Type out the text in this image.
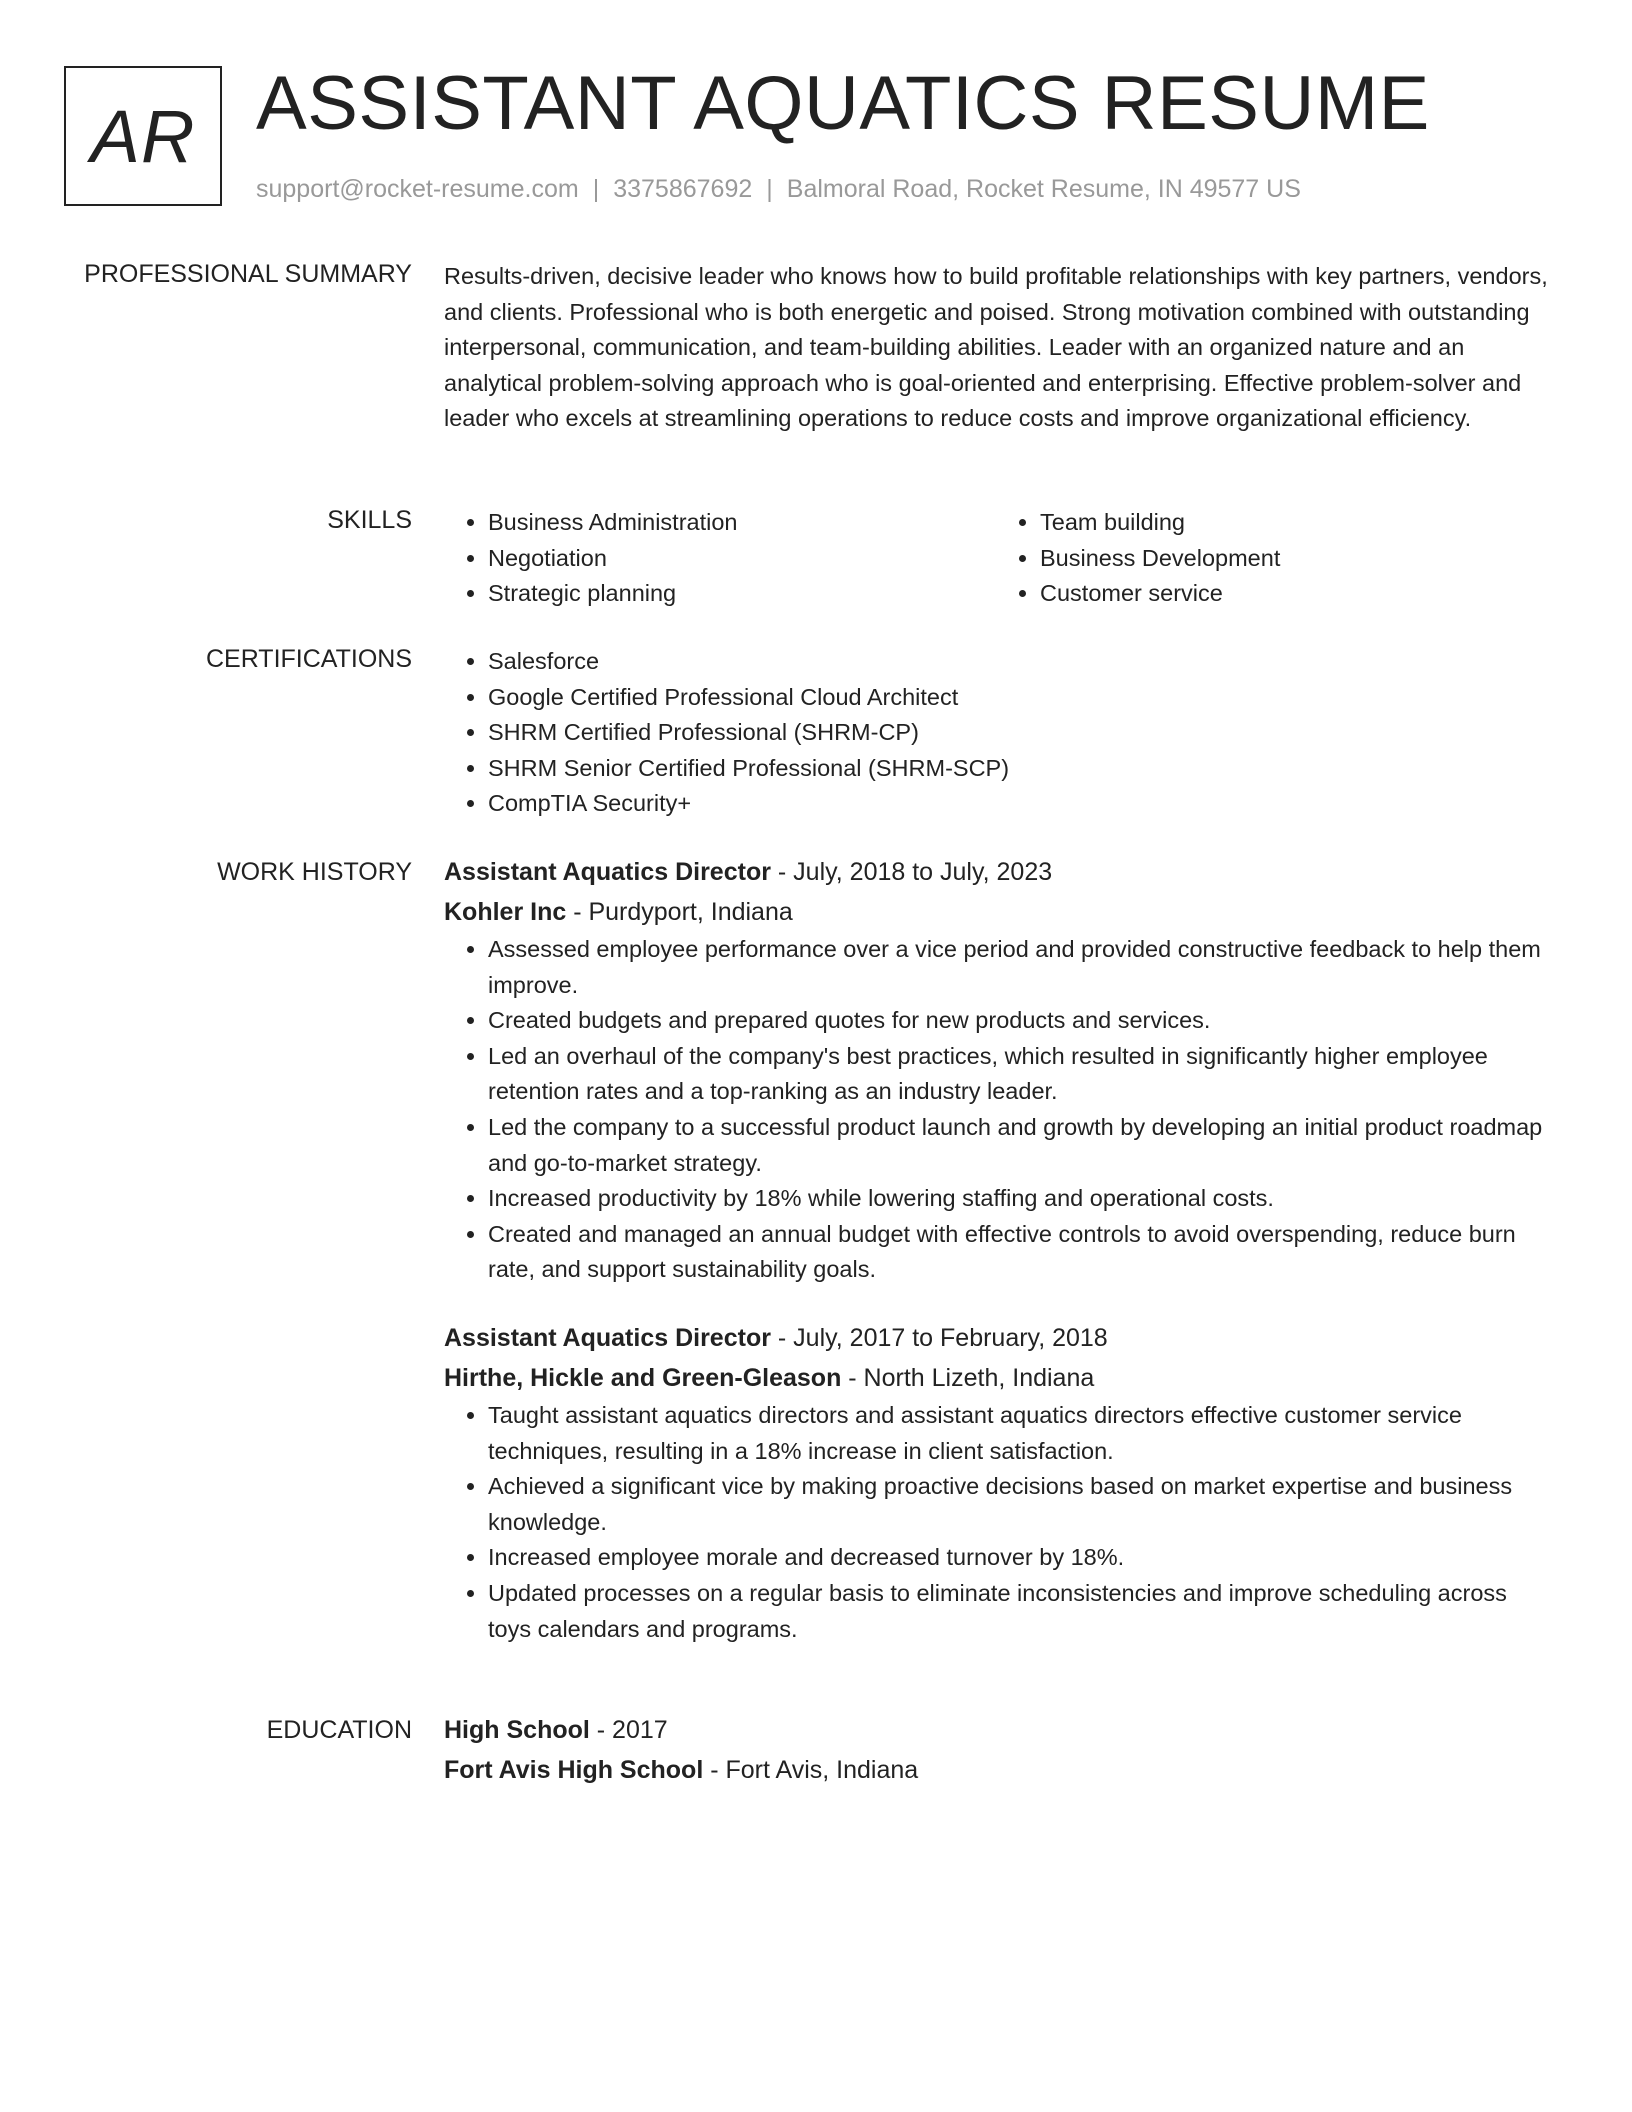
AR ASSISTANT AQUATICS RESUME
support@rocket-resume.com | 3375867692 | Balmoral Road, Rocket Resume, IN 49577 US
PROFESSIONAL SUMMARY Results-driven, decisive leader who knows how to build profitable relationships with key partners, vendors, and clients. Professional who is both energetic and poised. Strong motivation combined with outstanding interpersonal, communication, and team-building abilities. Leader with an organized nature and an analytical problem-solving approach who is goal-oriented and enterprising. Effective problem-solver and leader who excels at streamlining operations to reduce costs and improve organizational efficiency.

SKILLS	• Business Administration
• Negotiation
• Strategic planning
• Team building
• Business Development
• Customer service
CERTIFICATIONS	• Salesforce
• Google Certified Professional Cloud Architect
• SHRM Certified Professional (SHRM-CP)
• SHRM Senior Certified Professional (SHRM-SCP)
• CompTIA Security+
WORK HISTORY Assistant Aquatics Director - July, 2018 to July, 2023
Kohler Inc - Purdyport, Indiana
• Assessed employee performance over a vice period and provided constructive feedback to help them improve.
• Created budgets and prepared quotes for new products and services.
• Led an overhaul of the company's best practices, which resulted in significantly higher employee retention rates and a top-ranking as an industry leader.
• Led the company to a successful product launch and growth by developing an initial product roadmap and go-to-market strategy.
• Increased productivity by 18% while lowering staffing and operational costs.
• Created and managed an annual budget with effective controls to avoid overspending, reduce burn rate, and support sustainability goals.
Assistant Aquatics Director - July, 2017 to February, 2018
Hirthe, Hickle and Green-Gleason - North Lizeth, Indiana
• Taught assistant aquatics directors and assistant aquatics directors effective customer service techniques, resulting in a 18% increase in client satisfaction.
• Achieved a significant vice by making proactive decisions based on market expertise and business knowledge.
• Increased employee morale and decreased turnover by 18%.
• Updated processes on a regular basis to eliminate inconsistencies and improve scheduling across toys calendars and programs.
EDUCATION High School - 2017
Fort Avis High School - Fort Avis, Indiana
